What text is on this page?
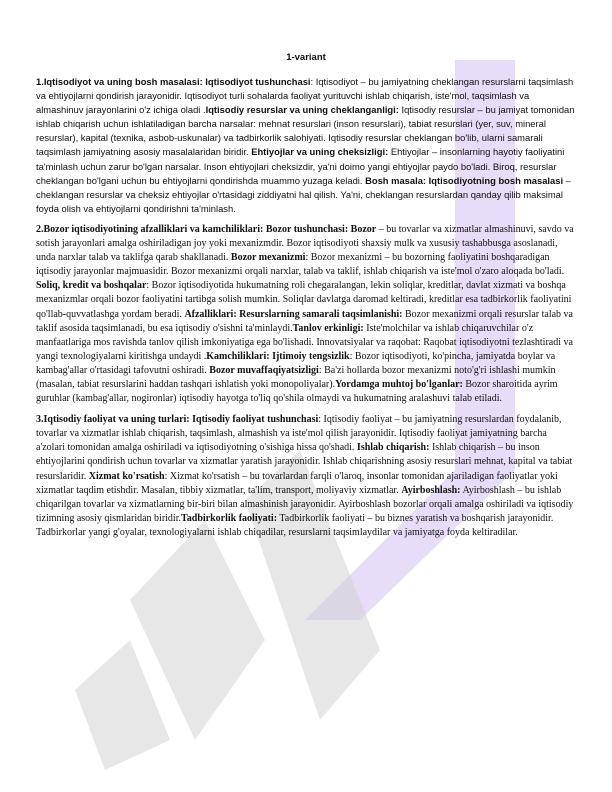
1-variant

1.Iqtisodiyot va uning bosh masalasi: Iqtisodiyot tushunchasi: Iqtisodiyot – bu jamiyatning cheklangan resurslarni taqsimlash va ehtiyojlarni qondirish jarayonidir. Iqtisodiyot turli sohalarda faoliyat yurituvchi ishlab chiqarish, iste'mol, taqsimlash va almashinuv jarayonlarini o'z ichiga oladi .Iqtisodiy resurslar va uning cheklanganligi: Iqtisodiy resurslar – bu jamiyat tomonidan ishlab chiqarish uchun ishlatiladigan barcha narsalar: mehnat resurslari (inson resurslari), tabiat resurslari (yer, suv, mineral resurslar), kapital (texnika, asbob-uskunalar) va tadbirkorlik salohiyati. Iqtisodiy resurslar cheklangan bo'lib, ularni samarali taqsimlash jamiyatning asosiy masalalaridan biridir. Ehtiyojlar va uning cheksizligi: Ehtiyojlar – insonlarning hayotiy faoliyatini ta'minlash uchun zarur bo'lgan narsalar. Inson ehtiyojlari cheksizdir, ya'ni doimo yangi ehtiyojlar paydo bo'ladi. Biroq, resurslar cheklangan bo'lgani uchun bu ehtiyojlarni qondirishda muammo yuzaga keladi. Bosh masala: Iqtisodiyotning bosh masalasi – cheklangan resurslar va cheksiz ehtiyojlar o'rtasidagi ziddiyatni hal qilish. Ya'ni, cheklangan resurslardan qanday qilib maksimal foyda olish va ehtiyojlarni qondirishni ta'minlash.

2.Bozor iqtisodiyotining afzalliklari va kamchiliklari: Bozor tushunchasi: Bozor – bu tovarlar va xizmatlar almashinuvi, savdo va sotish jarayonlari amalga oshiriladigan joy yoki mexanizmdir. Bozor iqtisodiyoti shaxsiy mulk va xususiy tashabbusga asoslanadi, unda narxlar talab va taklifga qarab shakllanadi. Bozor mexanizmi: Bozor mexanizmi – bu bozorning faoliyatini boshqaradigan iqtisodiy jarayonlar majmuasidir. Bozor mexanizmi orqali narxlar, talab va taklif, ishlab chiqarish va iste'mol o'zaro aloqada bo'ladi. Soliq, kredit va boshqalar: Bozor iqtisodiyotida hukumatning roli chegaralangan, lekin soliqlar, kreditlar, davlat xizmati va boshqa mexanizmlar orqali bozor faoliyatini tartibga solish mumkin. Soliqlar davlatga daromad keltiradi, kreditlar esa tadbirkorlik faoliyatini qo'llab-quvvatlashga yordam beradi. Afzalliklari: Resurslarning samarali taqsimlanishi: Bozor mexanizmi orqali resurslar talab va taklif asosida taqsimlanadi, bu esa iqtisodiy o'sishni ta'minlaydi.Tanlov erkinligi: Iste'molchilar va ishlab chiqaruvchilar o'z manfaatlariga mos ravishda tanlov qilish imkoniyatiga ega bo'lishadi. Innovatsiyalar va raqobat: Raqobat iqtisodiyotni tezlashtiradi va yangi texnologiyalarni kiritishga undaydi .Kamchiliklari: Ijtimoiy tengsizlik: Bozor iqtisodiyoti, ko'pincha, jamiyatda boylar va kambag'allar o'rtasidagi tafovutni oshiradi. Bozor muvaffaqiyatsizligi: Ba'zi hollarda bozor mexanizmi noto'g'ri ishlashi mumkin (masalan, tabiat resurslarini haddan tashqari ishlatish yoki monopoliyalar).Yordamga muhtoj bo'lganlar: Bozor sharoitida ayrim guruhlar (kambag'allar, nogironlar) iqtisodiy hayotga to'liq qo'shila olmaydi va hukumatning aralashuvi talab etiladi.

3.Iqtisodiy faoliyat va uning turlari: Iqtisodiy faoliyat tushunchasi: Iqtisodiy faoliyat – bu jamiyatning resurslardan foydalanib, tovarlar va xizmatlar ishlab chiqarish, taqsimlash, almashish va iste'mol qilish jarayonidir. Iqtisodiy faoliyat jamiyatning barcha a'zolari tomonidan amalga oshiriladi va iqtisodiyotning o'sishiga hissa qo'shadi. Ishlab chiqarish: Ishlab chiqarish – bu inson ehtiyojlarini qondirish uchun tovarlar va xizmatlar yaratish jarayonidir. Ishlab chiqarishning asosiy resurslari mehnat, kapital va tabiat resurslaridir. Xizmat ko'rsatish: Xizmat ko'rsatish – bu tovarlardan farqli o'laroq, insonlar tomonidan ajariladigan faoliyatlar yoki xizmatlar taqdim etishdir. Masalan, tibbiy xizmatlar, ta'lim, transport, moliyaviy xizmatlar. Ayirboshlash: Ayirboshlash – bu ishlab chiqarilgan tovarlar va xizmatlarning bir-biri bilan almashinish jarayonidir. Ayirboshlash bozorlar orqali amalga oshiriladi va iqtisodiy tizimning asosiy qismlaridan biridir.Tadbirkorlik faoliyati: Tadbirkorlik faoliyati – bu biznes yaratish va boshqarish jarayonidir. Tadbirkorlar yangi g'oyalar, texnologiyalarni ishlab chiqadilar, resurslarni taqsimlaydilar va jamiyatga foyda keltiradilar.
